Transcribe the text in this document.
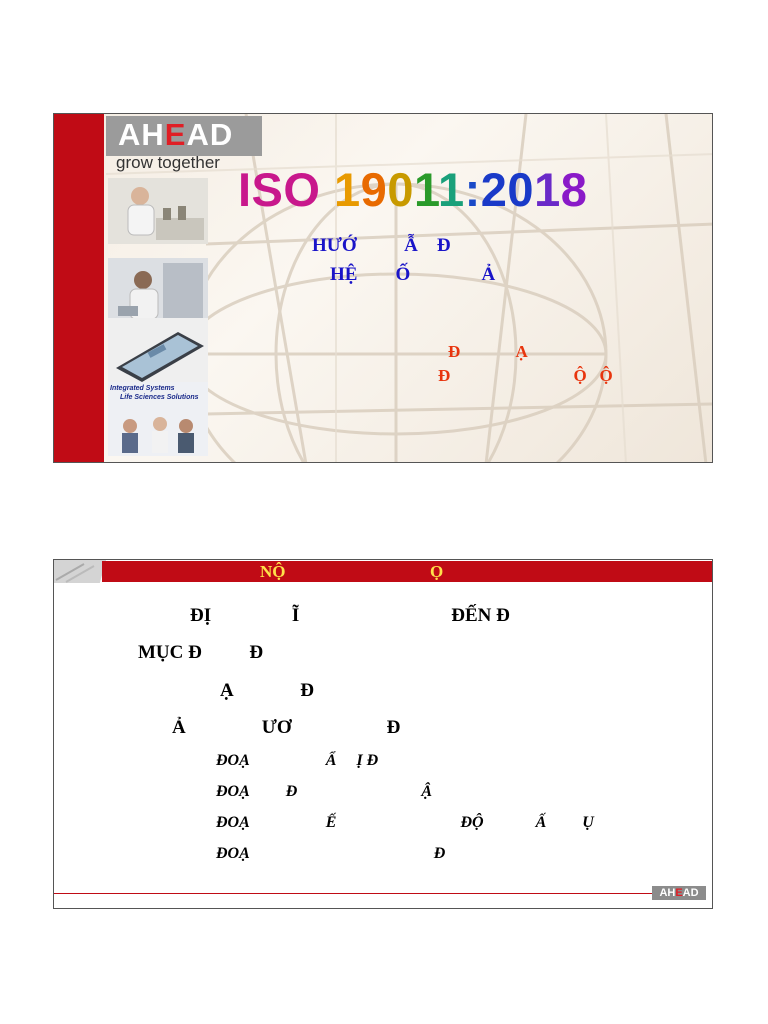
AHEAD
grow together
Integrated Systems
Life Sciences Solutions
ISO 19011:2018
HƯỚ          Ẫ    Đ
HỆ        Ố               Ả
Đ             Ạ
Đ                             Ộ   Ộ
NỘ                                  Ọ
ĐỊ                 Ĩ                                ĐẾN Đ
MỤC Đ          Đ
Ạ              Đ
Ả                ƯƠ                    Đ
ĐOẠ                   Ẩ     Ị Đ
ĐOẠ         Đ                               Ậ
ĐOẠ                   Ế                               ĐỘ             Ấ         Ụ
ĐOẠ                                              Đ
AHEAD
